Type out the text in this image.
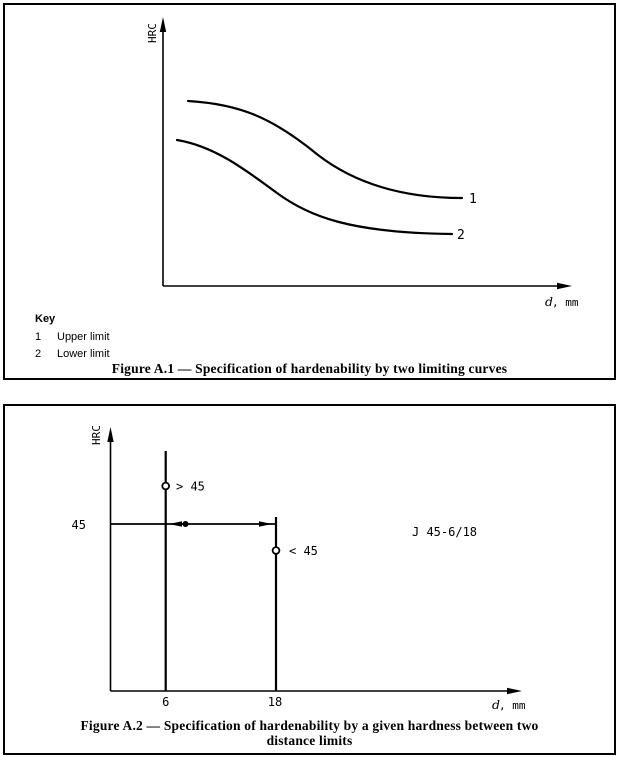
HRC
d
, mm
1
2
Key
1 Upper limit
2 Lower limit
Figure A.1 — Specification of hardenability by two limiting curves
HRC
d
, mm
45
> 45
< 45
J 45-6/18
6	18
Figure A.2 — Specification of hardenability by a given hardness between two
distance limits
